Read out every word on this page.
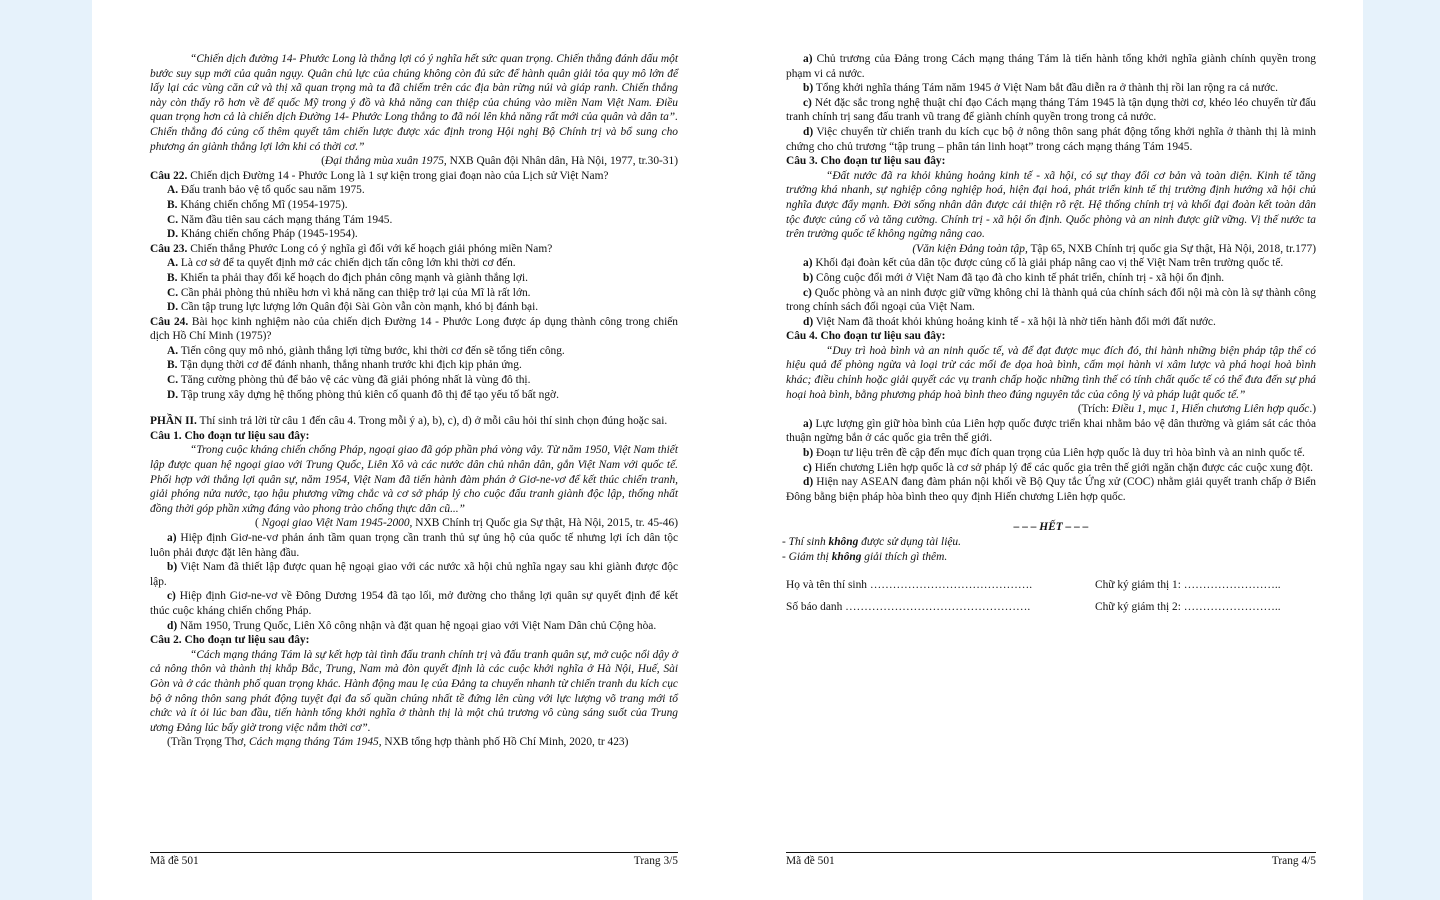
“Chiến dịch đường 14- Phước Long là thắng lợi có ý nghĩa hết sức quan trọng. Chiến thắng đánh dấu một bước suy sụp mới của quân ngụy. Quân chủ lực của chúng không còn đủ sức để hành quân giải tỏa quy mô lớn để lấy lại các vùng căn cứ và thị xã quan trọng mà ta đã chiếm trên các địa bàn rừng núi và giáp ranh. Chiến thắng này còn thấy rõ hơn về để quốc Mỹ trong ý đồ và khả năng can thiệp của chúng vào miền Nam Việt Nam. Điều quan trọng hơn cả là chiến dịch Đường 14- Phước Long thắng to đã nói lên khả năng rất mới của quân và dân ta”. Chiến thắng đó củng cố thêm quyết tâm chiến lược được xác định trong Hội nghị Bộ Chính trị và bổ sung cho phương án giành thắng lợi lớn khi có thời cơ.”

(Đại thắng mùa xuân 1975, NXB Quân đội Nhân dân, Hà Nội, 1977, tr.30-31)

Câu 22. Chiến dịch Đường 14 - Phước Long là 1 sự kiện trong giai đoạn nào của Lịch sử Việt Nam?

A. Đấu tranh bảo vệ tổ quốc sau năm 1975.

B. Kháng chiến chống Mĩ (1954-1975).

C. Năm đầu tiên sau cách mạng tháng Tám 1945.

D. Kháng chiến chống Pháp (1945-1954).

Câu 23. Chiến thắng Phước Long có ý nghĩa gì đối với kế hoạch giải phóng miền Nam?

A. Là cơ sở để ta quyết định mở các chiến dịch tấn công lớn khi thời cơ đến.

B. Khiến ta phải thay đổi kế hoạch do địch phản công mạnh và giành thắng lợi.

C. Cần phải phòng thủ nhiều hơn vì khả năng can thiệp trở lại của Mĩ là rất lớn.

D. Cần tập trung lực lượng lớn Quân đội Sài Gòn vẫn còn mạnh, khó bị đánh bại.

Câu 24. Bài học kinh nghiệm nào của chiến dịch Đường 14 - Phước Long được áp dụng thành công trong chiến dịch Hồ Chí Minh (1975)?

A. Tiến công quy mô nhỏ, giành thắng lợi từng bước, khi thời cơ đến sẽ tổng tiến công.

B. Tận dụng thời cơ để đánh nhanh, thắng nhanh trước khi địch kịp phản ứng.

C. Tăng cường phòng thủ để bảo vệ các vùng đã giải phóng nhất là vùng đô thị.

D. Tập trung xây dựng hệ thống phòng thủ kiên cố quanh đô thị để tạo yếu tố bất ngờ.

PHẦN II. Thí sinh trả lời từ câu 1 đến câu 4. Trong mỗi ý a), b), c), d) ở mỗi câu hỏi thí sinh chọn đúng hoặc sai.

Câu 1. Cho đoạn tư liệu sau đây:

“Trong cuộc kháng chiến chống Pháp, ngoại giao đã góp phần phá vòng vây. Từ năm 1950, Việt Nam thiết lập được quan hệ ngoại giao với Trung Quốc, Liên Xô và các nước dân chủ nhân dân, gắn Việt Nam với quốc tế. Phối hợp với thắng lợi quân sự, năm 1954, Việt Nam đã tiến hành đàm phán ở Giơ-ne-vơ để kết thúc chiến tranh, giải phóng nửa nước, tạo hậu phương vững chắc và cơ sở pháp lý cho cuộc đấu tranh giành độc lập, thống nhất đồng thời góp phần xứng đáng vào phong trào chống thực dân cũ...”

( Ngoại giao Việt Nam 1945-2000, NXB Chính trị Quốc gia Sự thật, Hà Nội, 2015, tr. 45-46)

a) Hiệp định Giơ-ne-vơ phản ánh tầm quan trọng cần tranh thủ sự ủng hộ của quốc tế nhưng lợi ích dân tộc luôn phải được đặt lên hàng đầu.

b) Việt Nam đã thiết lập được quan hệ ngoại giao với các nước xã hội chủ nghĩa ngay sau khi giành được độc lập.

c) Hiệp định Giơ-ne-vơ về Đông Dương 1954 đã tạo lối, mở đường cho thắng lợi quân sự quyết định để kết thúc cuộc kháng chiến chống Pháp.

d) Năm 1950, Trung Quốc, Liên Xô công nhận và đặt quan hệ ngoại giao với Việt Nam Dân chủ Cộng hòa.

Câu 2. Cho đoạn tư liệu sau đây:

“Cách mạng tháng Tám là sự kết hợp tài tình đấu tranh chính trị và đấu tranh quân sự, mở cuộc nổi dậy ở cả nông thôn và thành thị khắp Bắc, Trung, Nam mà đòn quyết định là các cuộc khởi nghĩa ở Hà Nội, Huế, Sài Gòn và ở các thành phố quan trọng khác. Hành động mau lẹ của Đảng ta chuyển nhanh từ chiến tranh du kích cục bộ ở nông thôn sang phát động tuyệt đại đa số quần chúng nhất tề đứng lên cùng với lực lượng võ trang mới tổ chức và ít ỏi lúc ban đầu, tiến hành tổng khởi nghĩa ở thành thị là một chủ trương vô cùng sáng suốt của Trung ương Đảng lúc bấy giờ trong việc nắm thời cơ”.

(Trần Trọng Thơ, Cách mạng tháng Tám 1945, NXB tổng hợp thành phố Hồ Chí Minh, 2020, tr 423)

Mã đề 501	Trang 3/5

a) Chủ trương của Đảng trong Cách mạng tháng Tám là tiến hành tổng khởi nghĩa giành chính quyền trong phạm vi cả nước.

b) Tổng khởi nghĩa tháng Tám năm 1945 ở Việt Nam bắt đầu diễn ra ở thành thị rồi lan rộng ra cả nước.

c) Nét đặc sắc trong nghệ thuật chỉ đạo Cách mạng tháng Tám 1945 là tận dụng thời cơ, khéo léo chuyển từ đấu tranh chính trị sang đấu tranh vũ trang để giành chính quyền trong trong cả nước.

d) Việc chuyển từ chiến tranh du kích cục bộ ở nông thôn sang phát động tổng khởi nghĩa ở thành thị là minh chứng cho chủ trương “tập trung – phân tán linh hoạt” trong cách mạng tháng Tám 1945.

Câu 3. Cho đoạn tư liệu sau đây:

“Đất nước đã ra khỏi khủng hoảng kinh tế - xã hội, có sự thay đổi cơ bản và toàn diện. Kinh tế tăng trưởng khá nhanh, sự nghiệp công nghiệp hoá, hiện đại hoá, phát triển kinh tế thị trường định hướng xã hội chủ nghĩa được đẩy mạnh. Đời sống nhân dân được cải thiện rõ rệt. Hệ thống chính trị và khối đại đoàn kết toàn dân tộc được củng cố và tăng cường. Chính trị - xã hội ổn định. Quốc phòng và an ninh được giữ vững. Vị thế nước ta trên trường quốc tế không ngừng nâng cao.

(Văn kiện Đảng toàn tập, Tập 65, NXB Chính trị quốc gia Sự thật, Hà Nội, 2018, tr.177)

a) Khối đại đoàn kết của dân tộc được củng cố là giải pháp nâng cao vị thế Việt Nam trên trường quốc tế.

b) Công cuộc đổi mới ở Việt Nam đã tạo đà cho kinh tế phát triển, chính trị - xã hội ổn định.

c) Quốc phòng và an ninh được giữ vững không chỉ là thành quả của chính sách đối nội mà còn là sự thành công trong chính sách đối ngoại của Việt Nam.

d) Việt Nam đã thoát khỏi khủng hoảng kinh tế - xã hội là nhờ tiến hành đổi mới đất nước.

Câu 4. Cho đoạn tư liệu sau đây:

“Duy trì hoà bình và an ninh quốc tế, và để đạt được mục đích đó, thi hành những biện pháp tập thể có hiệu quả để phòng ngừa và loại trừ các mối đe dọa hoà bình, cấm mọi hành vi xâm lược và phá hoại hoà bình khác; điều chỉnh hoặc giải quyết các vụ tranh chấp hoặc những tình thế có tính chất quốc tế có thể đưa đến sự phá hoại hoà bình, bằng phương pháp hoà bình theo đúng nguyên tắc của công lý và pháp luật quốc tế.”

(Trích: Điều 1, mục 1, Hiến chương Liên hợp quốc.)

a) Lực lượng gìn giữ hòa bình của Liên hợp quốc được triển khai nhằm bảo vệ dân thường và giám sát các thỏa thuận ngừng bắn ở các quốc gia trên thế giới.

b) Đoạn tư liệu trên đề cập đến mục đích quan trọng của Liên hợp quốc là duy trì hòa bình và an ninh quốc tế.

c) Hiến chương Liên hợp quốc là cơ sở pháp lý để các quốc gia trên thế giới ngăn chặn được các cuộc xung đột.

d) Hiện nay ASEAN đang đàm phán nội khối về Bộ Quy tắc Ứng xử (COC) nhằm giải quyết tranh chấp ở Biển Đông bằng biện pháp hòa bình theo quy định Hiến chương Liên hợp quốc.

– – – HẾT – – –

- Thí sinh không được sử dụng tài liệu.

- Giám thị không giải thích gì thêm.

Họ và tên thí sinh …………………………………….	Chữ ký giám thị 1: ……………………..
Số báo danh ………………………………………….	Chữ ký giám thị 2: ……………………..
Mã đề 501	Trang 4/5
